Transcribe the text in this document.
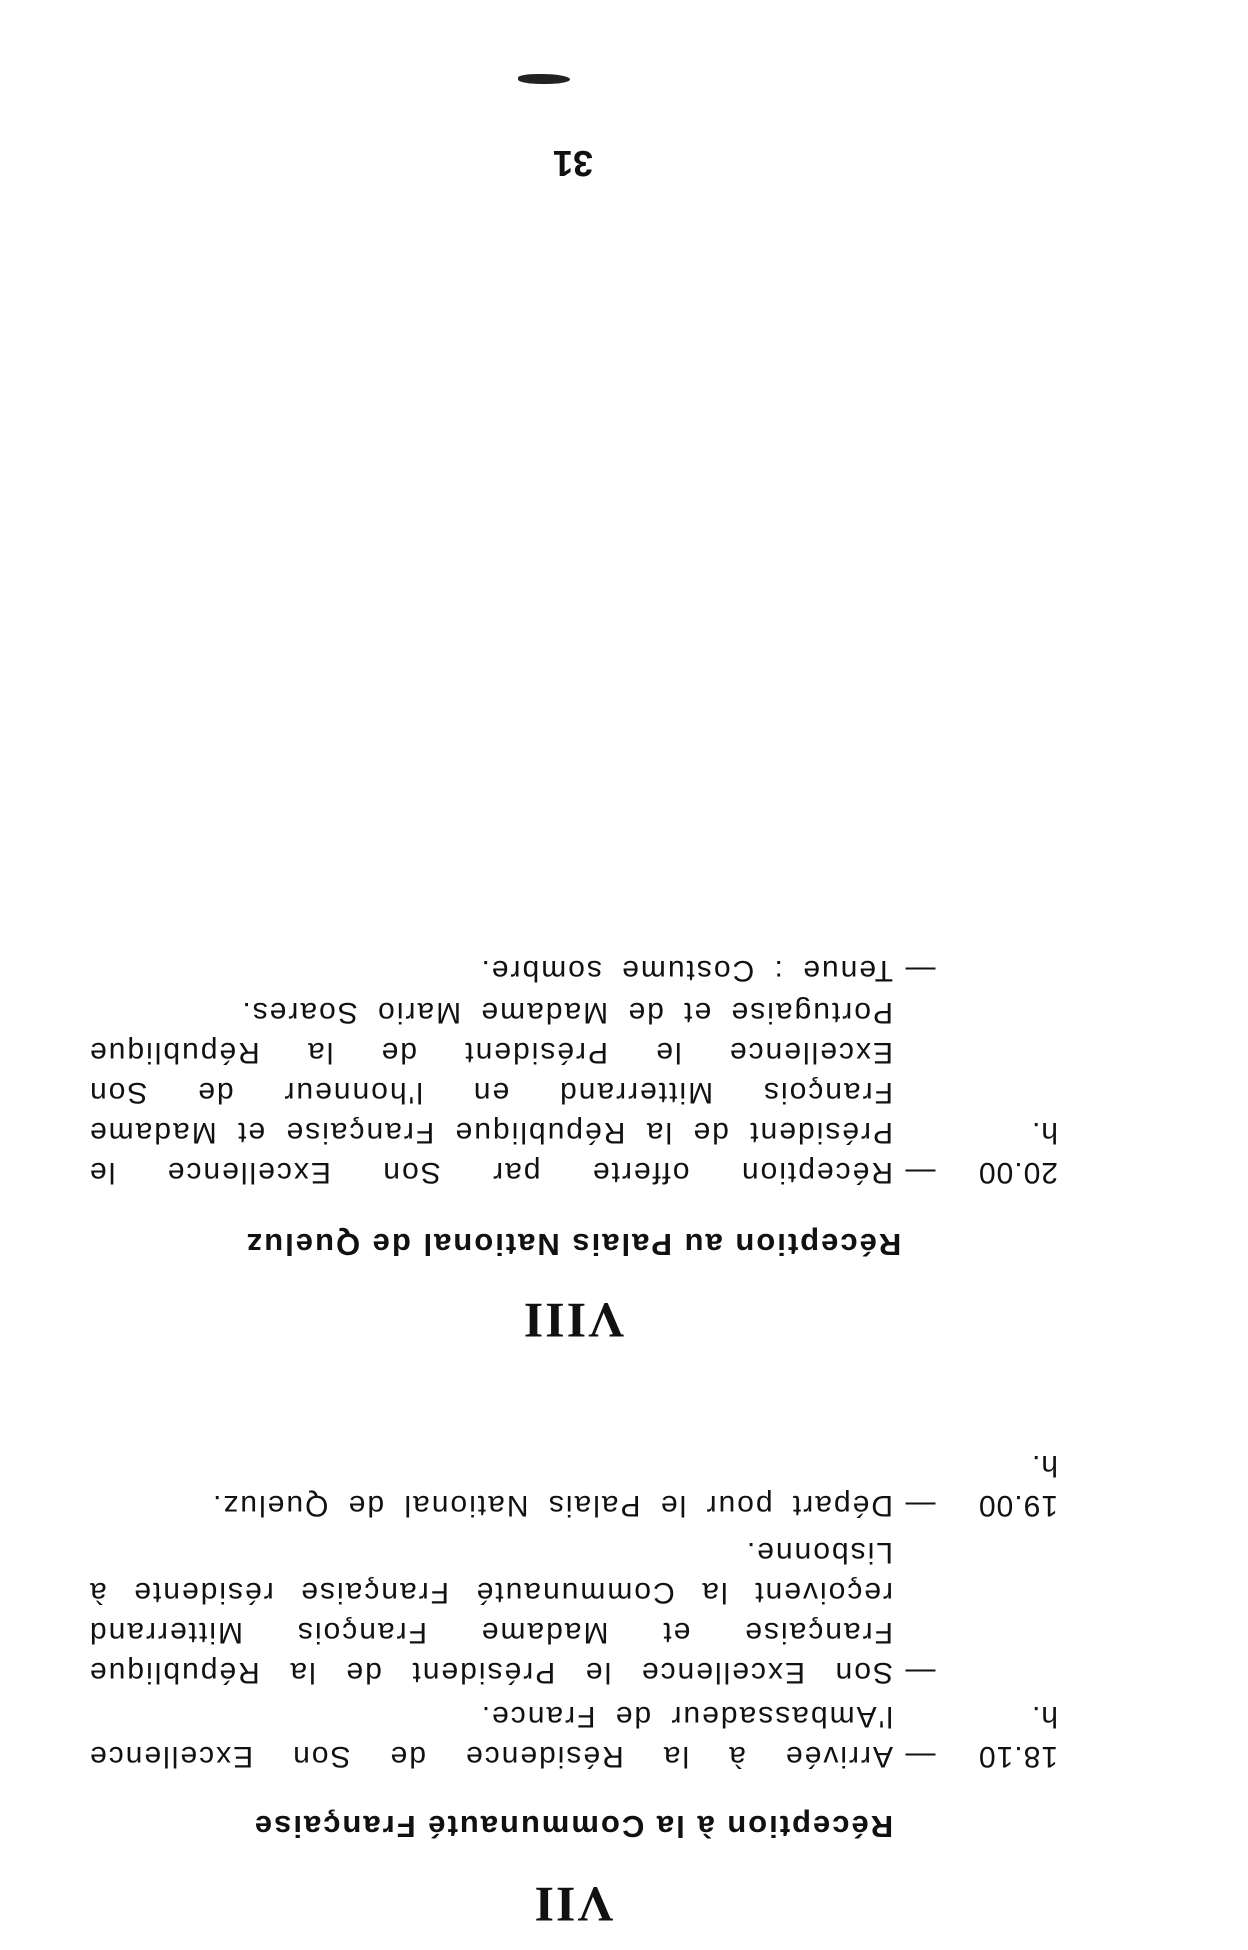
VII
Réception à la Communauté Française
18.10 h.
—
Arrivée à la Résidence de Son Excellence l'Ambassadeur de France.
—
Son Excellence le Président de la République Française et Madame François Mitterrand reçoivent la Communauté Française résidente à Lisbonne.
19.00 h.
—
Départ pour le Palais National de Queluz.
VIII
Réception au Palais National de Queluz
20.00 h.
—
Réception offerte par Son Excellence le Président de la République Française et Madame François Mitterrand en l'honneur de Son Excellence le Président de la République Portugaise et de Madame Mario Soares.
—
Tenue : Costume sombre.
31
